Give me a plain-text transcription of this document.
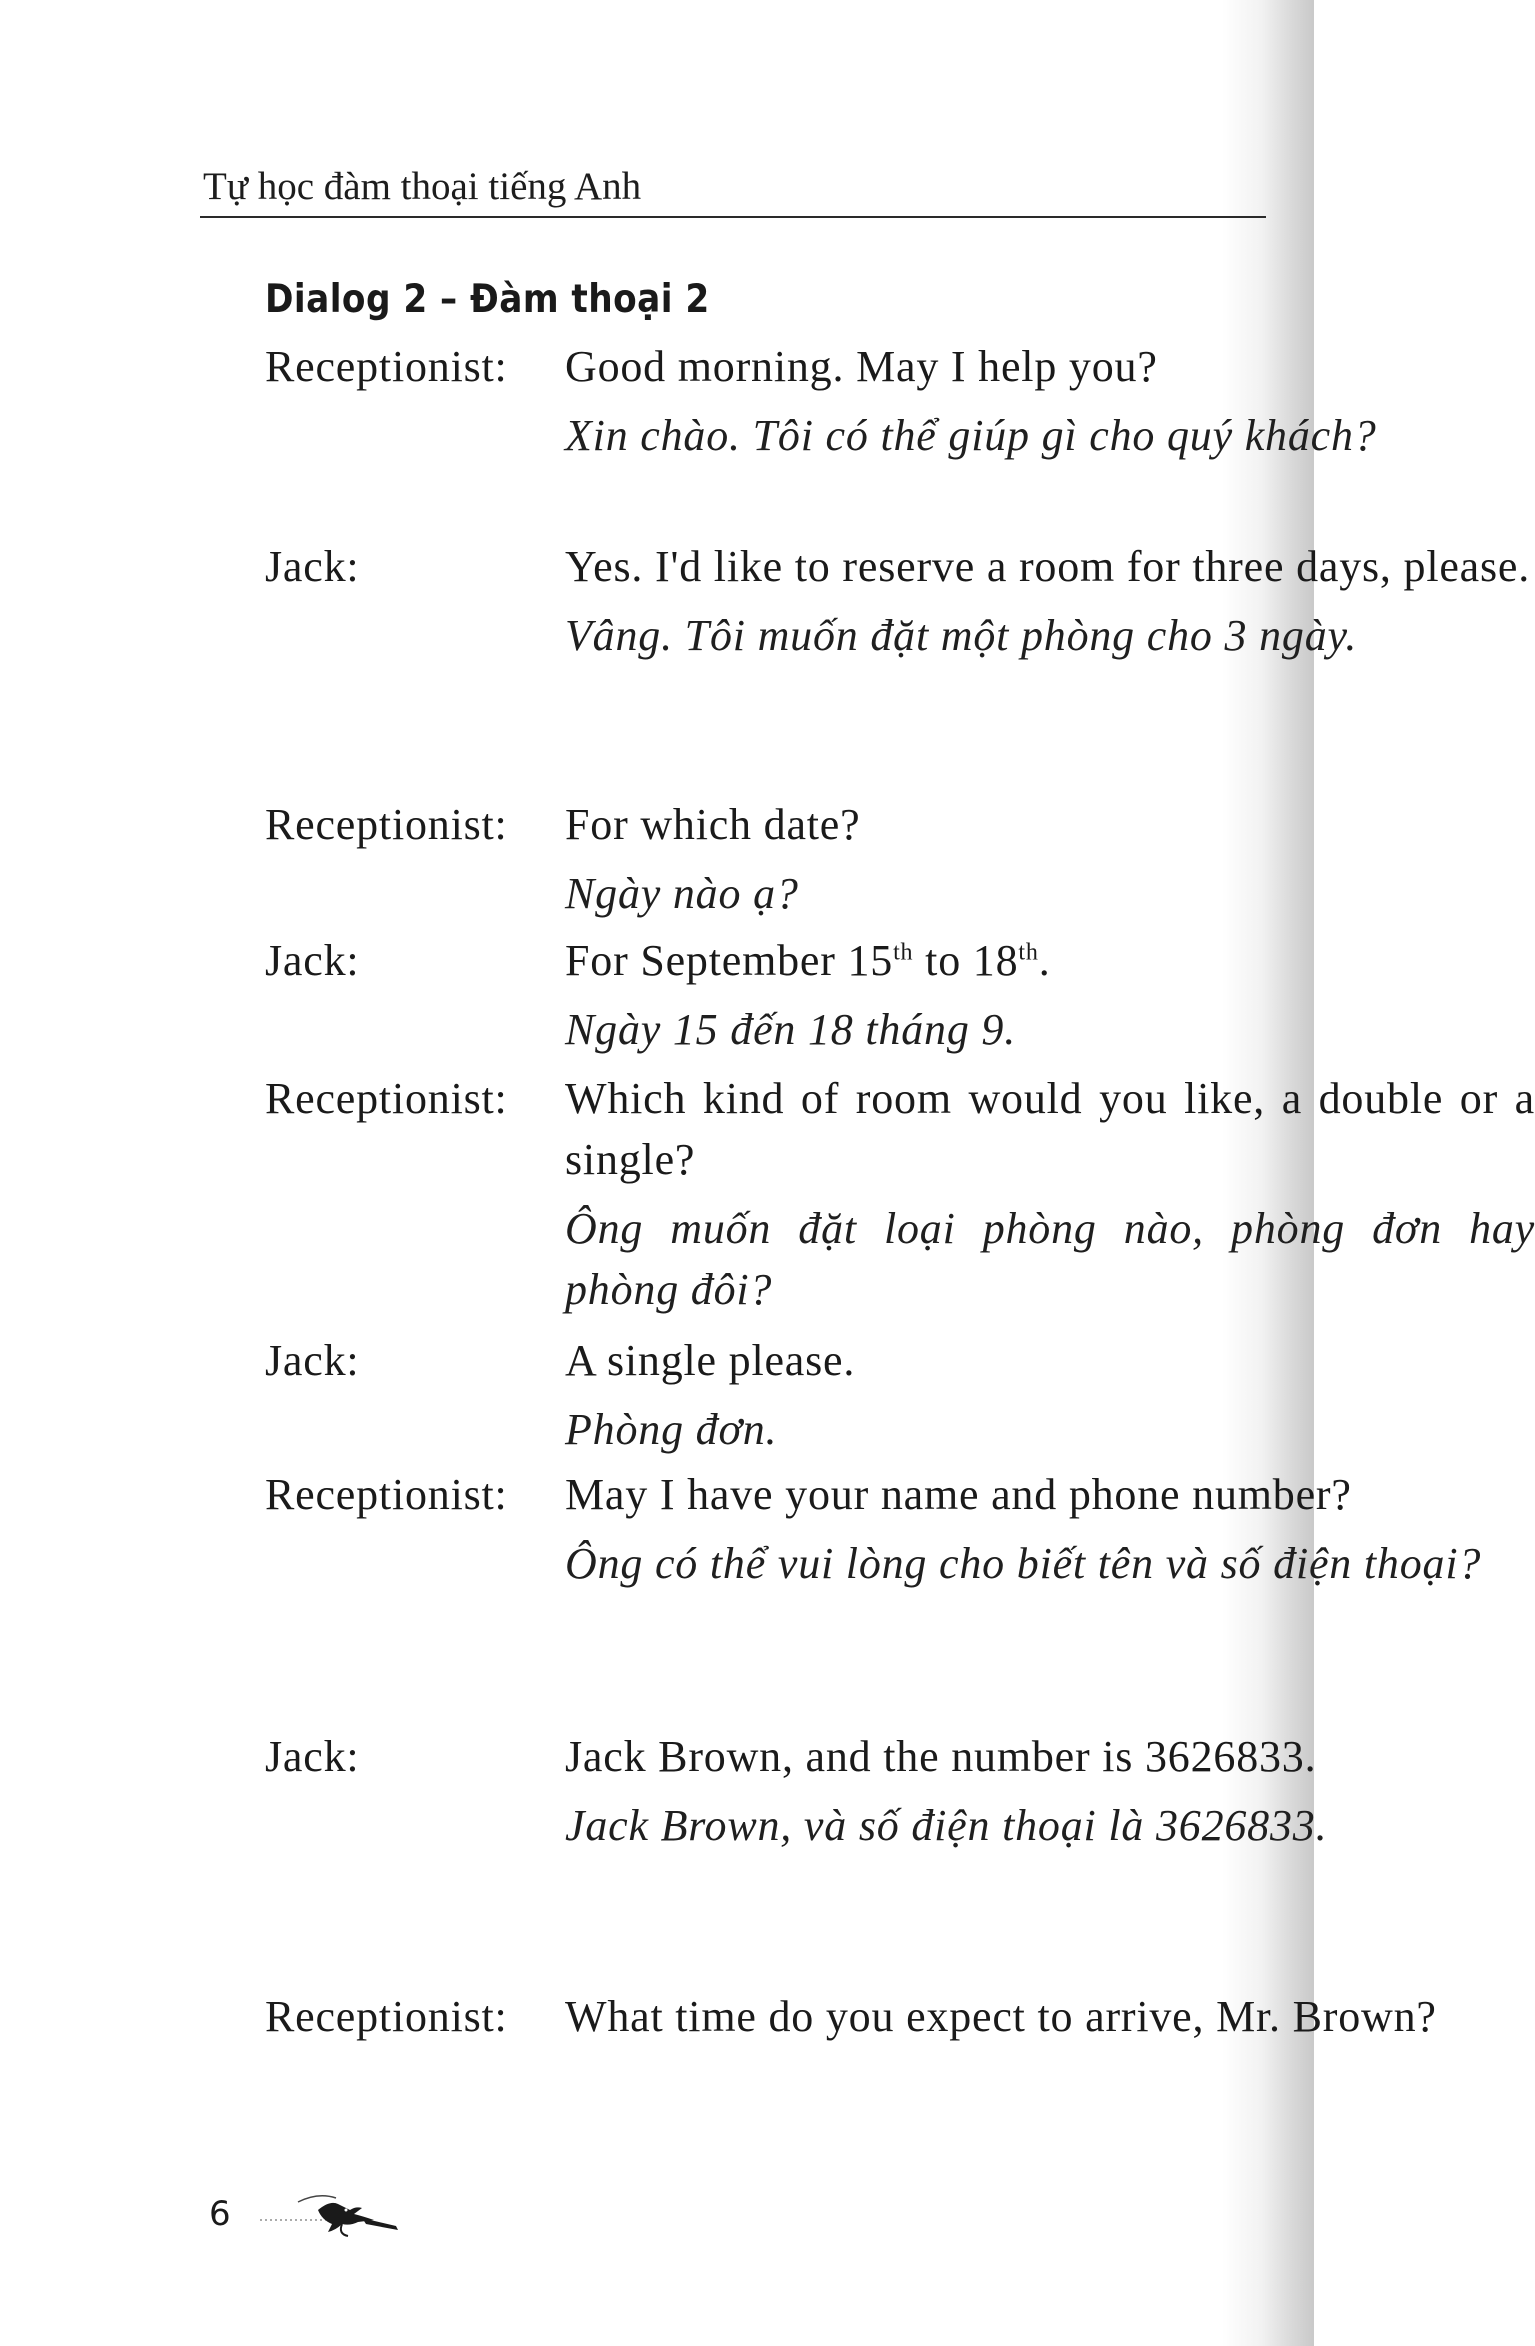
Tự học đàm thoại tiếng Anh
Dialog 2 – Đàm thoại 2
Receptionist: Good morning. May I help you?
Xin chào. Tôi có thể giúp gì cho quý khách?
Jack:	Yes. I'd like to reserve a room for three days, please.
Vâng. Tôi muốn đặt một phòng cho 3 ngày.
Receptionist: For which date?
Ngày nào ạ?
Jack:	For September 15th to 18th.
Ngày 15 đến 18 tháng 9.
Receptionist: Which kind of room would you like, a double or a single?
Ông muốn đặt loại phòng nào, phòng đơn hay phòng đôi?
Jack:	A single please.
Phòng đơn.
Receptionist: May I have your name and phone number?
Ông có thể vui lòng cho biết tên và số điện thoại?
Jack:	Jack Brown, and the number is 3626833.
Jack Brown, và số điện thoại là 3626833.
Receptionist: What time do you expect to arrive, Mr. Brown?
6
